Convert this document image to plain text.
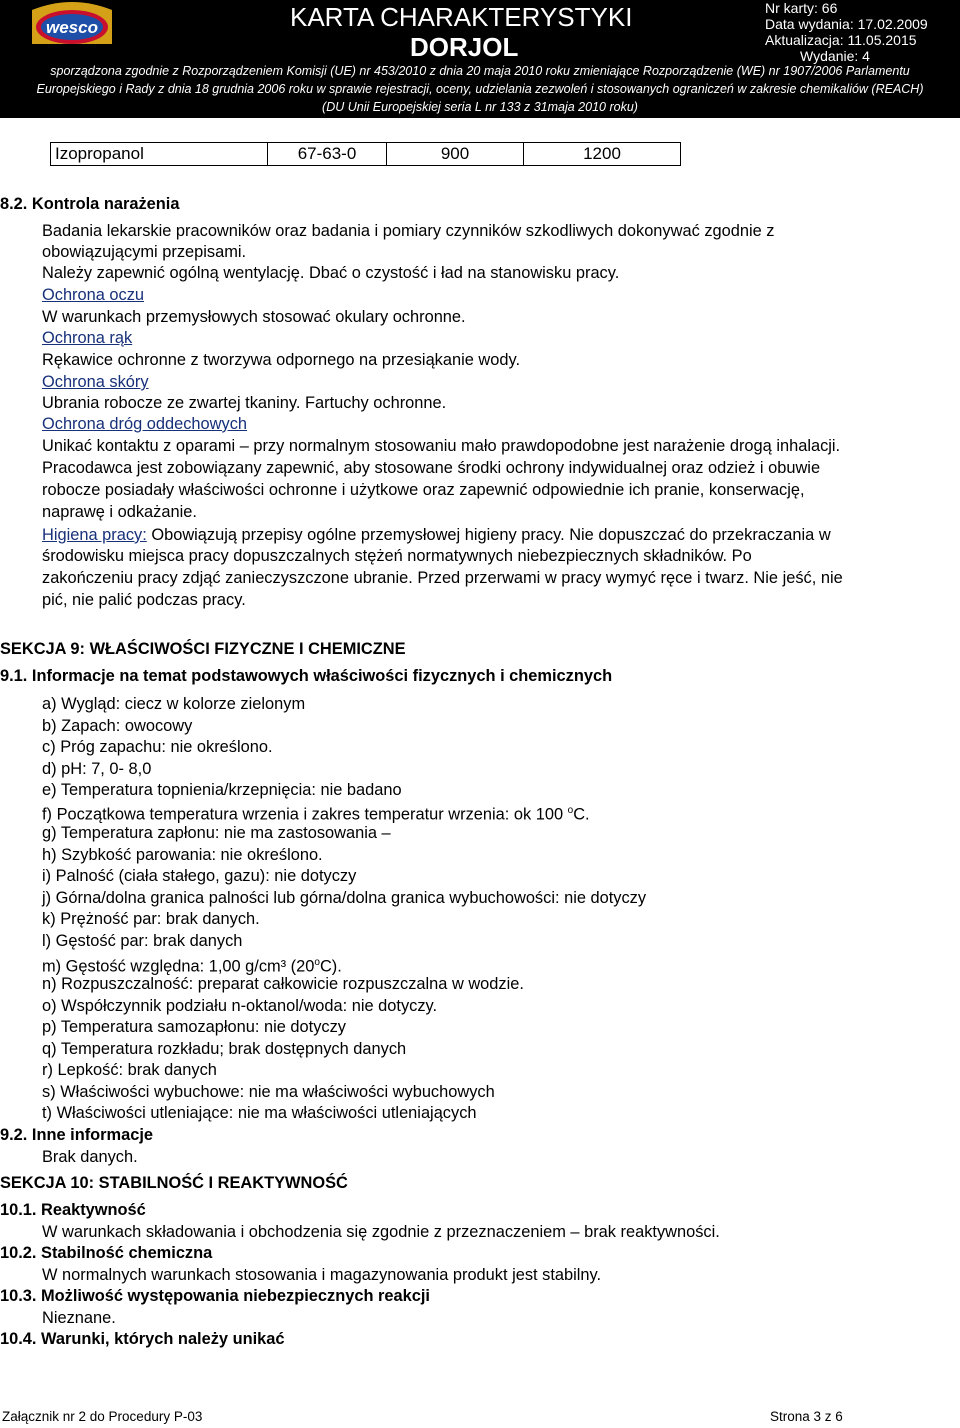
wesco	KARTA CHARAKTERYSTYKI
DORJOL
Nr karty: 66
Data wydania: 17.02.2009
Aktualizacja: 11.05.2015
Wydanie: 4
sporządzona zgodnie z Rozporządzeniem Komisji (UE) nr 453/2010 z dnia 20 maja 2010 roku zmieniające Rozporządzenie (WE) nr 1907/2006 Parlamentu
Europejskiego i Rady z dnia 18 grudnia 2006 roku w sprawie rejestracji, oceny, udzielania zezwoleń i stosowanych ograniczeń w zakresie chemikaliów (REACH)
(DU Unii Europejskiej seria L nr 133 z 31maja 2010 roku)
Izopropanol	67-63-0	900	1200
8.2. Kontrola narażenia
Badania lekarskie pracowników oraz badania i pomiary czynników szkodliwych dokonywać zgodnie z
obowiązującymi przepisami.
Należy zapewnić ogólną wentylację. Dbać o czystość i ład na stanowisku pracy.
Ochrona oczu
W warunkach przemysłowych stosować okulary ochronne.
Ochrona rąk
Rękawice ochronne z tworzywa odpornego na przesiąkanie wody.
Ochrona skóry
Ubrania robocze ze zwartej tkaniny. Fartuchy ochronne.
Ochrona dróg oddechowych
Unikać kontaktu z oparami – przy normalnym stosowaniu mało prawdopodobne jest narażenie drogą inhalacji.
Pracodawca jest zobowiązany zapewnić, aby stosowane środki ochrony indywidualnej oraz odzież i obuwie
robocze posiadały właściwości ochronne i użytkowe oraz zapewnić odpowiednie ich pranie, konserwację,
naprawę i odkażanie.
Higiena pracy: Obowiązują przepisy ogólne przemysłowej higieny pracy. Nie dopuszczać do przekraczania w
środowisku miejsca pracy dopuszczalnych stężeń normatywnych niebezpiecznych składników. Po
zakończeniu pracy zdjąć zanieczyszczone ubranie. Przed przerwami w pracy wymyć ręce i twarz. Nie jeść, nie
pić, nie palić podczas pracy.
SEKCJA 9: WŁAŚCIWOŚCI FIZYCZNE I CHEMICZNE
9.1. Informacje na temat podstawowych właściwości fizycznych i chemicznych
a) Wygląd: ciecz w kolorze zielonym
b) Zapach: owocowy
c) Próg zapachu: nie określono.
d) pH: 7, 0- 8,0
e) Temperatura topnienia/krzepnięcia: nie badano
f) Początkowa temperatura wrzenia i zakres temperatur wrzenia: ok 100 $^o$C.
g) Temperatura zapłonu: nie ma zastosowania –
h) Szybkość parowania: nie określono.
i) Palność (ciała stałego, gazu): nie dotyczy
j) Górna/dolna granica palności lub górna/dolna granica wybuchowości: nie dotyczy
k) Prężność par: brak danych.
l) Gęstość par: brak danych
m) Gęstość względna: 1,00 g/cm³ (20$^o$C).
n) Rozpuszczalność: preparat całkowicie rozpuszczalna w wodzie.
o) Współczynnik podziału n-oktanol/woda: nie dotyczy.
p) Temperatura samozapłonu: nie dotyczy
q) Temperatura rozkładu; brak dostępnych danych
r) Lepkość: brak danych
s) Właściwości wybuchowe: nie ma właściwości wybuchowych
t) Właściwości utleniające: nie ma właściwości utleniających
9.2. Inne informacje
Brak danych.
SEKCJA 10: STABILNOŚĆ I REAKTYWNOŚĆ
10.1. Reaktywność
W warunkach składowania i obchodzenia się zgodnie z przeznaczeniem – brak reaktywności.
10.2. Stabilność chemiczna
W normalnych warunkach stosowania i magazynowania produkt jest stabilny.
10.3. Możliwość występowania niebezpiecznych reakcji
Nieznane.
10.4. Warunki, których należy unikać
Załącznik nr 2 do Procedury P-03	Strona 3 z 6
